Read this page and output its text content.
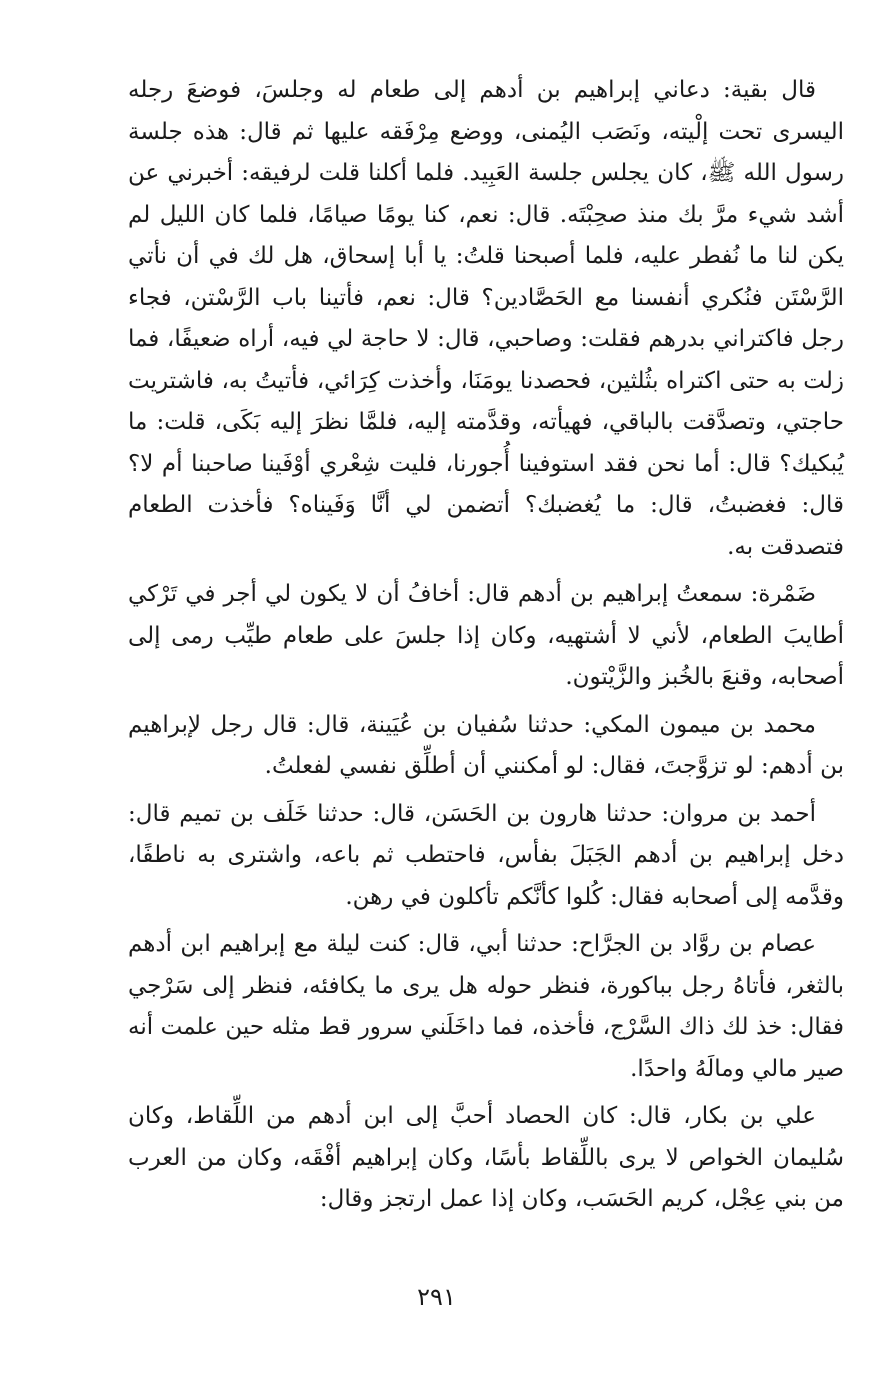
قال بقية: دعاني إبراهيم بن أدهم إلى طعام له وجلسَ، فوضعَ رجله اليسرى تحت إلْيته، ونَصَب اليُمنى، ووضع مِرْفَقه عليها ثم قال: هذه جلسة رسول الله ﷺ، كان يجلس جلسة العَبِيد. فلما أكلنا قلت لرفيقه: أخبرني عن أشد شيء مرَّ بك منذ صحِبْتَه. قال: نعم، كنا يومًا صيامًا، فلما كان الليل لم يكن لنا ما نُفطر عليه، فلما أصبحنا قلتُ: يا أبا إسحاق، هل لك في أن نأتي الرَّسْتَن فنُكري أنفسنا مع الحَصَّادين؟ قال: نعم، فأتينا باب الرَّسْتن، فجاء رجل فاكتراني بدرهم فقلت: وصاحبي، قال: لا حاجة لي فيه، أراه ضعيفًا، فما زلت به حتى اكتراه بثُلثين، فحصدنا يومَنَا، وأخذت كِرَائي، فأتيتُ به، فاشتريت حاجتي، وتصدَّقت بالباقي، فهيأته، وقدَّمته إليه، فلمَّا نظرَ إليه بَكَى، قلت: ما يُبكيك؟ قال: أما نحن فقد استوفينا أُجورنا، فليت شِعْري أوْفَينا صاحبنا أم لا؟ قال: فغضبتُ، قال: ما يُغضبك؟ أتضمن لي أنَّا وَفَيناه؟ فأخذت الطعام فتصدقت به.

ضَمْرة: سمعتُ إبراهيم بن أدهم قال: أخافُ أن لا يكون لي أجر في تَرْكي أطايبَ الطعام، لأني لا أشتهيه، وكان إذا جلسَ على طعام طيِّب رمى إلى أصحابه، وقنعَ بالخُبز والزَّيْتون.

محمد بن ميمون المكي: حدثنا سُفيان بن عُيَينة، قال: قال رجل لإبراهيم بن أدهم: لو تزوَّجتَ، فقال: لو أمكنني أن أطلِّق نفسي لفعلتُ.

أحمد بن مروان: حدثنا هارون بن الحَسَن، قال: حدثنا خَلَف بن تميم قال: دخل إبراهيم بن أدهم الجَبَلَ بفأس، فاحتطب ثم باعه، واشترى به ناطفًا، وقدَّمه إلى أصحابه فقال: كُلوا كأنَّكم تأكلون في رهن.

عصام بن روَّاد بن الجرَّاح: حدثنا أبي، قال: كنت ليلة مع إبراهيم ابن أدهم بالثغر، فأتاهُ رجل بباكورة، فنظر حوله هل يرى ما يكافئه، فنظر إلى سَرْجي فقال: خذ لك ذاك السَّرْج، فأخذه، فما داخَلَني سرور قط مثله حين علمت أنه صير مالي ومالَهُ واحدًا.

علي بن بكار، قال: كان الحصاد أحبَّ إلى ابن أدهم من اللِّقاط، وكان سُليمان الخواص لا يرى باللِّقاط بأسًا، وكان إبراهيم أفْقَه، وكان من العرب من بني عِجْل، كريم الحَسَب، وكان إذا عمل ارتجز وقال:

٢٩١
